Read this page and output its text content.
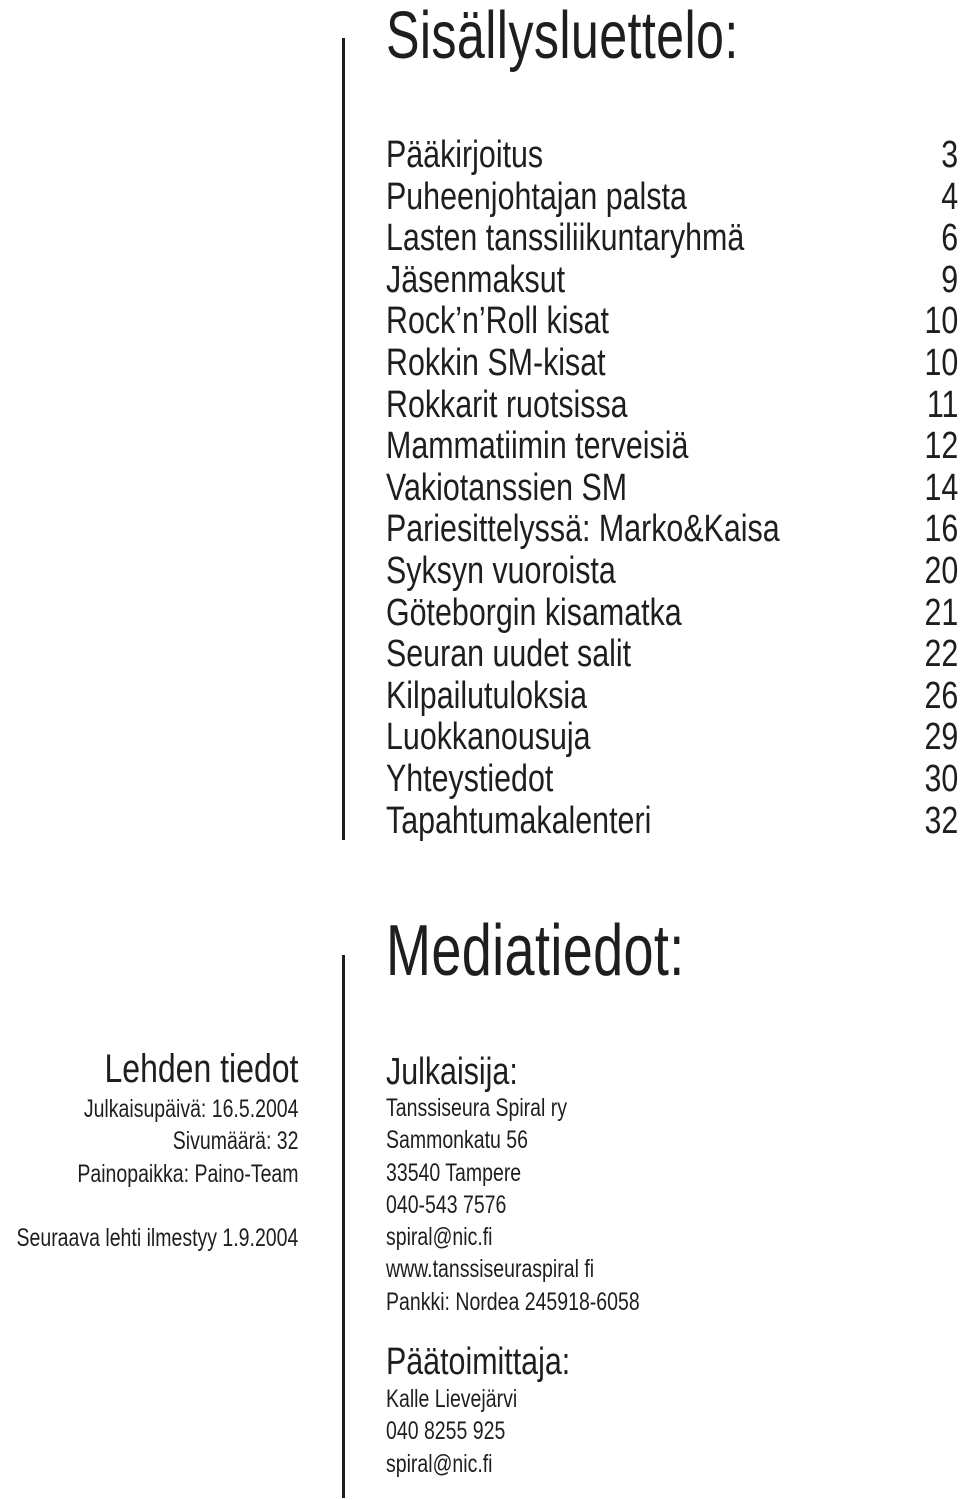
Sisällysluettelo:
Pääkirjoitus	3
Puheenjohtajan palsta	4
Lasten tanssiliikuntaryhmä	6
Jäsenmaksut	9
Rock’n’Roll kisat	10
Rokkin SM-kisat	10
Rokkarit ruotsissa	11
Mammatiimin terveisiä	12
Vakiotanssien SM	14
Pariesittelyssä: Marko&Kaisa	16
Syksyn vuoroista	20
Göteborgin kisamatka	21
Seuran uudet salit	22
Kilpailutuloksia	26
Luokkanousuja	29
Yhteystiedot	30
Tapahtumakalenteri	32
Mediatiedot:
Lehden tiedot
Julkaisupäivä: 16.5.2004
Sivumäärä: 32
Painopaikka: Paino-Team

Seuraava lehti ilmestyy 1.9.2004

Julkaisija:
Tanssiseura Spiral ry
Sammonkatu 56
33540 Tampere
040-543 7576
spiral@nic.fi
www.tanssiseuraspiral fi
Pankki: Nordea 245918-6058
Päätoimittaja:
Kalle Lievejärvi
040 8255 925
spiral@nic.fi
